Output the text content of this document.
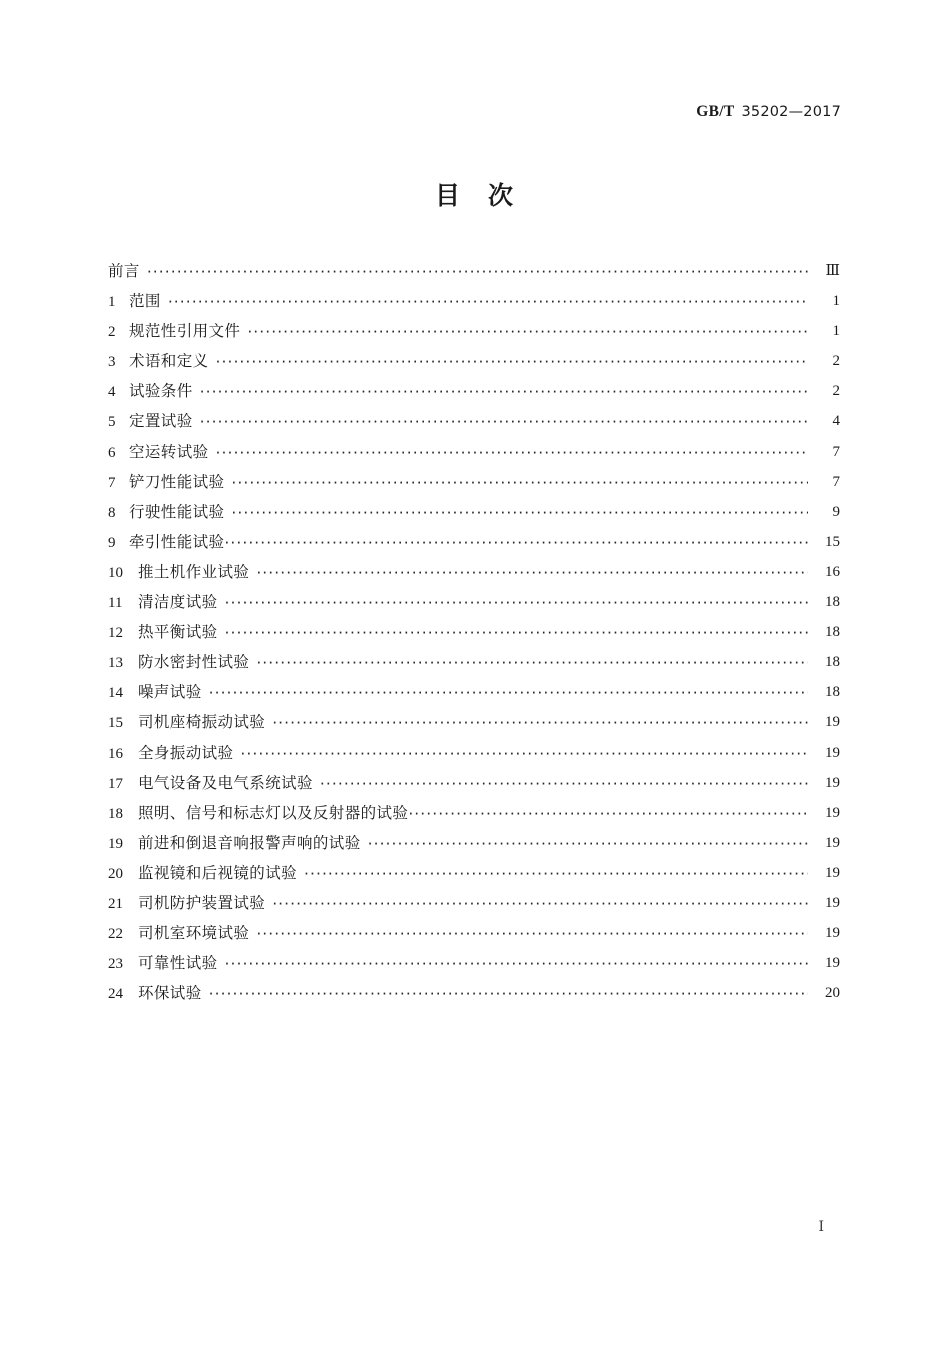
GB/T 35202—2017
目 次
前言 ·····	Ⅲ
1 范围 ·····	1
2 规范性引用文件 ·····	1
3 术语和定义 ·····	2
4 试验条件 ·····	2
5 定置试验 ·····	4
6 空运转试验 ·····	7
7 铲刀性能试验 ·····	7
8 行驶性能试验 ·····	9
9 牵引性能试验 ·····	15
10 推土机作业试验 ·····	16
11 清洁度试验 ·····	18
12 热平衡试验 ·····	18
13 防水密封性试验 ·····	18
14 噪声试验 ·····	18
15 司机座椅振动试验 ·····	19
16 全身振动试验 ·····	19
17 电气设备及电气系统试验 ·····	19
18 照明、信号和标志灯以及反射器的试验 ·····	19
19 前进和倒退音响报警声响的试验 ·····	19
20 监视镜和后视镜的试验 ·····	19
21 司机防护装置试验 ·····	19
22 司机室环境试验 ·····	19
23 可靠性试验 ·····	19
24 环保试验 ·····	20
Ⅰ
